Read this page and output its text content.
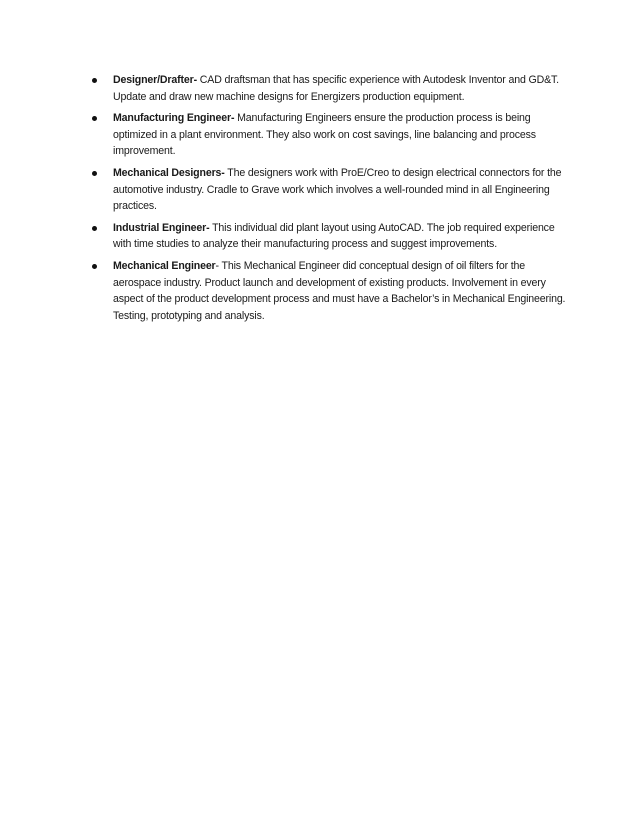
Designer/Drafter- CAD draftsman that has specific experience with Autodesk Inventor and GD&T. Update and draw new machine designs for Energizers production equipment.
Manufacturing Engineer- Manufacturing Engineers ensure the production process is being optimized in a plant environment. They also work on cost savings, line balancing and process improvement.
Mechanical Designers- The designers work with ProE/Creo to design electrical connectors for the automotive industry. Cradle to Grave work which involves a well-rounded mind in all Engineering practices.
Industrial Engineer- This individual did plant layout using AutoCAD. The job required experience with time studies to analyze their manufacturing process and suggest improvements.
Mechanical Engineer- This Mechanical Engineer did conceptual design of oil filters for the aerospace industry. Product launch and development of existing products. Involvement in every aspect of the product development process and must have a Bachelor’s in Mechanical Engineering. Testing, prototyping and analysis.
